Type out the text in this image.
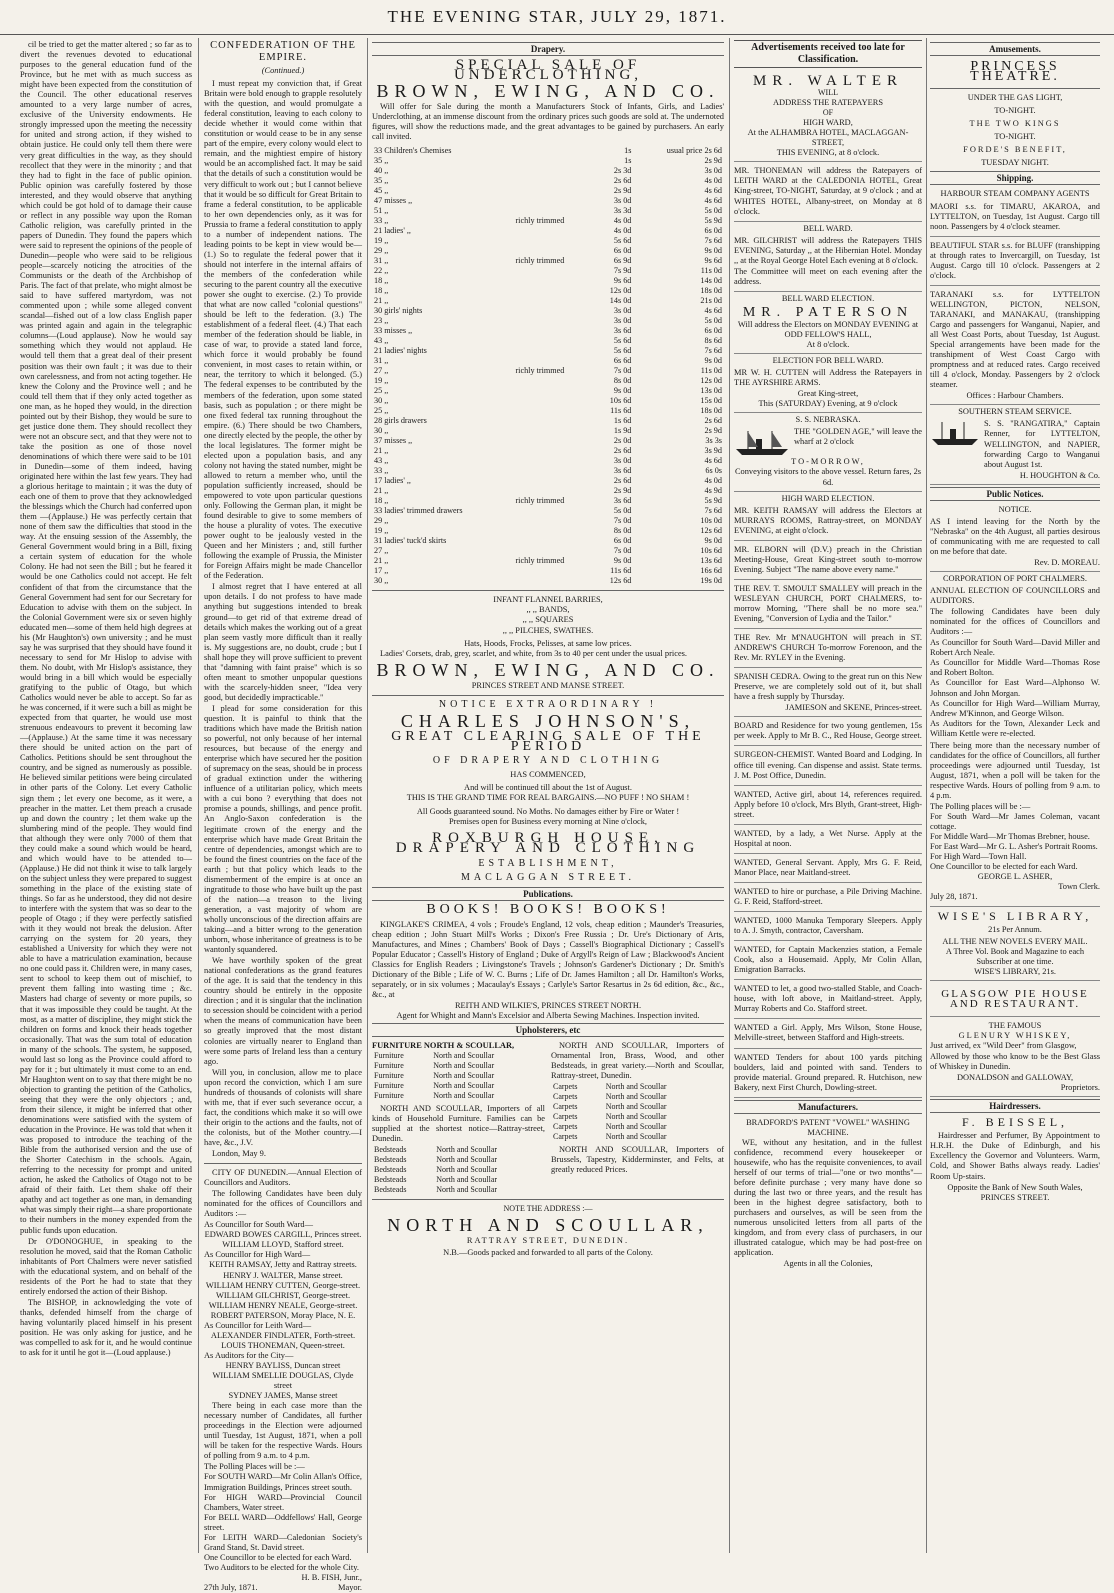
THE EVENING STAR, JULY 29, 1871.

cil be tried to get the matter altered ; so far as to divert the revenues devoted to educational purposes to the general education fund of the Province, but he met with as much success as might have been expected from the constitution of the Council. The other educational reserves amounted to a very large number of acres, exclusive of the University endowments. He strongly impressed upon the meeting the necessity for united and strong action, if they wished to obtain justice. He could only tell them there were very great difficulties in the way, as they should recollect that they were in the minority ; and that they had to fight in the face of public opinion. Public opinion was carefully fostered by those interested, and they would observe that anything which could be got hold of to damage their cause or reflect in any possible way upon the Roman Catholic religion, was carefully printed in the papers of Dunedin. They found the papers which were said to represent the opinions of the people of Dunedin—people who were said to be religious people—scarcely noticing the atrocities of the Communists or the death of the Archbishop of Paris. The fact of that prelate, who might almost be said to have suffered martyrdom, was not commented upon ; while some alleged convent scandal—fished out of a low class English paper was printed again and again in the telegraphic columns—(Loud applause). Now he would say something which they would not applaud. He would tell them that a great deal of their present position was their own fault ; it was due to their own carelessness, and from not acting together. He knew the Colony and the Province well ; and he could tell them that if they only acted together as one man, as he hoped they would, in the direction pointed out by their Bishop, they would be sure to get justice done them. They should recollect they were not an obscure sect, and that they were not to take the position as one of those novel denominations of which there were said to be 101 in Dunedin—some of them indeed, having originated here within the last few years. They had a glorious heritage to maintain ; it was the duty of each one of them to prove that they acknowledged the blessings which the Church had conferred upon them —(Applause.) He was perfectly certain that none of them saw the difficulties that stood in the way. At the ensuing session of the Assembly, the General Government would bring in a Bill, fixing a certain system of education for the whole Colony. He had not seen the Bill ; but he feared it would be one Catholics could not accept. He felt confident of that from the circumstance that the General Government had sent for our Secretary for Education to advise with them on the subject. In the Colonial Government were six or seven highly educated men—some of them held high degrees at his (Mr Haughton's) own university ; and he must say he was surprised that they should have found it necessary to send for Mr Hislop to advise with them. No doubt, with Mr Hislop's assistance, they would bring in a bill which would be especially gratifying to the public of Otago, but which Catholics would never be able to accept. So far as he was concerned, if it were such a bill as might be expected from that quarter, he would use most strenuous endeavours to prevent it becoming law—(Applause.) At the same time it was necessary there should be united action on the part of Catholics. Petitions should be sent throughout the country, and be signed as numerously as possible. He believed similar petitions were being circulated in other parts of the Colony. Let every Catholic sign them ; let every one become, as it were, a preacher in the matter. Let them preach a crusade up and down the country ; let them wake up the slumbering mind of the people. They would find that although they were only 7000 of them that they could make a sound which would be heard, and which would have to be attended to—(Applause.) He did not think it wise to talk largely on the subject unless they were prepared to suggest something in the place of the existing state of things. So far as he understood, they did not desire to interfere with the system that was so dear to the people of Otago ; if they were perfectly satisfied with it they would not break the delusion. After carrying on the system for 20 years, they established a University for which they were not able to have a matriculation examination, because no one could pass it. Children were, in many cases, sent to school to keep them out of mischief, to prevent them falling into wasting time ; &c. Masters had charge of seventy or more pupils, so that it was impossible they could be taught. At the most, as a matter of discipline, they might stick the children on forms and knock their heads together occasionally. That was the sum total of education in many of the schools. The system, he supposed, would last so long as the Province could afford to pay for it ; but ultimately it must come to an end. Mr Haughton went on to say that there might be no objection to granting the petition of the Catholics, seeing that they were the only objectors ; and, from their silence, it might be inferred that other denominations were satisfied with the system of education in the Province. He was told that when it was proposed to introduce the teaching of the Bible from the authorised version and the use of the Shorter Catechism in the schools. Again, referring to the necessity for prompt and united action, he asked the Catholics of Otago not to be afraid of their faith. Let them shake off their apathy and act together as one man, in demanding what was simply their right—a share proportionate to their numbers in the money expended from the public funds upon education.

Dr O'DONOGHUE, in speaking to the resolution he moved, said that the Roman Catholic inhabitants of Port Chalmers were never satisfied with the educational system, and on behalf of the residents of the Port he had to state that they entirely endorsed the action of their Bishop.

The BISHOP, in acknowledging the vote of thanks, defended himself from the charge of having voluntarily placed himself in his present position. He was only asking for justice, and he was compelled to ask for it, and he would continue to ask for it until he got it—(Loud applause.)

CONFEDERATION OF THE EMPIRE.
(Continued.)

I must repeat my conviction that, if Great Britain were bold enough to grapple resolutely with the question, and would promulgate a federal constitution, leaving to each colony to decide whether it would come within that constitution or would cease to be in any sense part of the empire, every colony would elect to remain, and the mightiest empire of history would be an accomplished fact. It may be said that the details of such a constitution would be very difficult to work out ; but I cannot believe that it would be so difficult for Great Britain to frame a federal constitution, to be applicable to her own dependencies only, as it was for Prussia to frame a federal constitution to apply to a number of independent nations. The leading points to be kept in view would be—(1.) So to regulate the federal power that it should not interfere in the internal affairs of the members of the confederation while securing to the parent country all the executive power she ought to exercise. (2.) To provide that what are now called "colonial questions" should be left to the federation. (3.) The establishment of a federal fleet. (4.) That each member of the federation should be liable, in case of war, to provide a stated land force, which force it would probably be found convenient, in most cases to retain within, or near, the territory to which it belonged. (5.) The federal expenses to be contributed by the members of the federation, upon some stated basis, such as population ; or there might be one fixed federal tax running throughout the empire. (6.) There should be two Chambers, one directly elected by the people, the other by the local legislatures. The former might be elected upon a population basis, and any colony not having the stated number, might be allowed to return a member who, until the population sufficiently increased, should be empowered to vote upon particular questions only. Following the German plan, it might be found desirable to give to some members of the house a plurality of votes. The executive power ought to be jealously vested in the Queen and her Ministers ; and, still further following the example of Prussia, the Minister for Foreign Affairs might be made Chancellor of the Federation.

I almost regret that I have entered at all upon details. I do not profess to have made anything but suggestions intended to break ground—to get rid of that extreme dread of details which makes the working out of a great plan seem vastly more difficult than it really is. My suggestions are, no doubt, crude ; but I shall hope they will prove sufficient to prevent that "damning with faint praise" which is so often meant to smother unpopular questions with the scarcely-hidden sneer, "Idea very good, but decidedly impracticable."

I plead for some consideration for this question. It is painful to think that the traditions which have made the British nation so powerful, not only because of her internal resources, but because of the energy and enterprise which have secured her the position of supremacy on the seas, should be in process of gradual extinction under the withering influence of a utilitarian policy, which meets with a cui bono ? everything that does not promise a pounds, shillings, and pence profit. An Anglo-Saxon confederation is the legitimate crown of the energy and the enterprise which have made Great Britain the centre of dependencies, amongst which are to be found the finest countries on the face of the earth ; but that policy which leads to the dismemberment of the empire is at once an ingratitude to those who have built up the past of the nation—a treason to the living generation, a vast majority of whom are wholly unconscious of the direction affairs are taking—and a bitter wrong to the generation unborn, whose inheritance of greatness is to be wantonly squandered.

We have worthily spoken of the great national confederations as the grand features of the age. It is said that the tendency in this country should be entirely in the opposite direction ; and it is singular that the inclination to secession should be coincident with a period when the means of communication have been so greatly improved that the most distant colonies are virtually nearer to England than were some parts of Ireland less than a century ago.

Will you, in conclusion, allow me to place upon record the conviction, which I am sure hundreds of thousands of colonists will share with me, that if ever such severance occur, a fact, the conditions which make it so will owe their origin to the actions and the faults, not of the colonists, but of the Mother country.—I have, &c., J.V.

London, May 9.

CITY OF DUNEDIN.—Annual Election of Councillors and Auditors.

The following Candidates have been duly nominated for the offices of Councillors and Auditors :—

As Councillor for South Ward—
EDWARD BOWES CARGILL, Princes street.
WILLIAM LLOYD, Stafford street.
As Councillor for High Ward—
KEITH RAMSAY, Jetty and Rattray streets.
HENRY J. WALTER, Manse street.
WILLIAM HENRY CUTTEN, George-street.
WILLIAM GILCHRIST, George-street.
WILLIAM HENRY NEALE, George-street.
ROBERT PATERSON, Moray Place, N. E.
As Councillor for Leith Ward—
ALEXANDER FINDLATER, Forth-street.
LOUIS THONEMAN, Queen-street.
As Auditors for the City—
HENRY BAYLISS, Duncan street
WILLIAM SMELLIE DOUGLAS, Clyde street
SYDNEY JAMES, Manse street

There being in each case more than the necessary number of Candidates, all further proceedings in the Election were adjourned until Tuesday, 1st August, 1871, when a poll will be taken for the respective Wards. Hours of polling from 9 a.m. to 4 p.m.

The Polling Places will be :—
For SOUTH WARD—Mr Colin Allan's Office, Immigration Buildings, Princes street south.
For HIGH WARD—Provincial Council Chambers, Water street.
For BELL WARD—Oddfellows' Hall, George street.
For LEITH WARD—Caledonian Society's Grand Stand, St. David street.
One Councillor to be elected for each Ward.
Two Auditors to be elected for the whole City.
H. B. FISH, Junr.,
27th July, 1871.	Mayor.
Drapery.
SPECIAL SALE OF UNDERCLOTHING,
BROWN, EWING, AND CO.

Will offer for Sale during the month a Manufacturers Stock of Infants, Girls, and Ladies' Underclothing, at an immense discount from the ordinary prices such goods are sold at. The undernoted figures, will show the reductions made, and the great advantages to be gained by purchasers. An early call invited.

33 Children's Chemises		1s	usual price 2s 6d
35 ,,		1s	2s 9d
40 ,,		2s 3d	3s 0d
35 ,,		2s 6d	4s 0d
45 ,,		2s 9d	4s 6d
47 misses ,,		3s 0d	4s 6d
51 ,,		3s 3d	5s 0d
33 ,,	richly trimmed	4s 0d	5s 9d
21 ladies' ,,		4s 0d	6s 0d
19 ,,		5s 6d	7s 6d
29 ,,		6s 0d	9s 0d
31 ,,	richly trimmed	6s 9d	9s 6d
22 ,,		7s 9d	11s 0d
18 ,,		9s 6d	14s 0d
18 ,,		12s 0d	18s 0d
21 ,,		14s 0d	21s 0d
30 girls' nights		3s 0d	4s 6d
23 ,,		3s 0d	5s 0d
33 misses ,,		3s 6d	6s 0d
43 ,,		5s 6d	8s 6d
21 ladies' nights		5s 6d	7s 6d
31 ,,		6s 6d	9s 0d
27 ,,	richly trimmed	7s 0d	11s 0d
19 ,,		8s 0d	12s 0d
25 ,,		9s 0d	13s 0d
30 ,,		10s 6d	15s 0d
25 ,,		11s 6d	18s 0d
28 girls drawers		1s 6d	2s 6d
30 ,,		1s 9d	2s 9d
37 misses ,,		2s 0d	3s 3s
21 ,,		2s 6d	3s 9d
43 ,,		3s 0d	4s 6d
33 ,,		3s 6d	6s 0s
17 ladies' ,,		2s 6d	4s 0d
21 ,,		2s 9d	4s 9d
18 ,,	richly trimmed	3s 6d	5s 9d
33 ladies' trimmed drawers		5s 0d	7s 6d
29 ,,		7s 0d	10s 0d
19 ,,		8s 0d	12s 6d
31 ladies' tuck'd skirts		6s 0d	9s 0d
27 ,,		7s 0d	10s 6d
21 ,,	richly trimmed	9s 0d	13s 6d
17 ,,		11s 6d	16s 6d
30 ,,		12s 6d	19s 0d
INFANT FLANNEL BARRIES,
,, ,, BANDS,
,, ,, SQUARES
,, ,, PILCHES, SWATHES.
Hats, Hoods, Frocks, Pelisses, at same low prices.

Ladies' Corsets, drab, grey, scarlet, and white, from 3s to 40 per cent under the usual prices.

BROWN, EWING, AND CO.
PRINCES STREET AND MANSE STREET.
NOTICE EXTRAORDINARY !
CHARLES JOHNSON'S,
GREAT CLEARING SALE OF THE PERIOD
OF DRAPERY AND CLOTHING
HAS COMMENCED,
And will be continued till about the 1st of August.
THIS IS THE GRAND TIME FOR REAL BARGAINS.—NO PUFF ! NO SHAM !
All Goods guaranteed sound. No Moths. No damages either by Fire or Water !
Premises open for Business every morning at Nine o'clock,
ROXBURGH HOUSE, DRAPERY AND CLOTHING
ESTABLISHMENT,
MACLAGGAN STREET.
Publications.
BOOKS! BOOKS! BOOKS!

KINGLAKE'S CRIMEA, 4 vols ; Froude's England, 12 vols, cheap edition ; Maunder's Treasuries, cheap edition ; John Stuart Mill's Works ; Dixon's Free Russia ; Dr. Ure's Dictionary of Arts, Manufactures, and Mines ; Chambers' Book of Days ; Cassell's Biographical Dictionary ; Cassell's Popular Educator ; Cassell's History of England ; Duke of Argyll's Reign of Law ; Blackwood's Ancient Classics for English Readers ; Livingstone's Travels ; Johnson's Gardener's Dictionary ; Dr. Smith's Dictionary of the Bible ; Life of W. C. Burns ; Life of Dr. James Hamilton ; all Dr. Hamilton's Works, separately, or in six volumes ; Macaulay's Essays ; Carlyle's Sartor Resartus in 2s 6d edition, &c., &c., &c., at

REITH AND WILKIE'S, PRINCES STREET NORTH.
Agent for Whight and Mann's Excelsior and Alberta Sewing Machines. Inspection invited.
Upholsterers, etc
FURNITURE NORTH & SCOULLAR,
Furniture	North and Scoullar
Furniture	North and Scoullar
Furniture	North and Scoullar
Furniture	North and Scoullar
Furniture	North and Scoullar

NORTH AND SCOULLAR, Importers of all kinds of Household Furniture. Families can be supplied at the shortest notice—Rattray-street, Dunedin.

Bedsteads	North and Scoullar
Bedsteads	North and Scoullar
Bedsteads	North and Scoullar
Bedsteads	North and Scoullar
Bedsteads	North and Scoullar

NORTH AND SCOULLAR, Importers of Ornamental Iron, Brass, Wood, and other Bedsteads, in great variety.—North and Scoullar, Rattray-street, Dunedin.

Carpets	North and Scoullar
Carpets	North and Scoullar
Carpets	North and Scoullar
Carpets	North and Scoullar
Carpets	North and Scoullar
Carpets	North and Scoullar

NORTH AND SCOULLAR, Importers of Brussels, Tapestry, Kidderminster, and Felts, at greatly reduced Prices.

NOTE THE ADDRESS :—
NORTH AND SCOULLAR,
RATTRAY STREET, DUNEDIN.
N.B.—Goods packed and forwarded to all parts of the Colony.
Advertisements received too late for Classification.
MR. WALTER
WILL
ADDRESS THE RATEPAYERS
OF
HIGH WARD,
At the ALHAMBRA HOTEL, MACLAGGAN-STREET,
THIS EVENING, at 8 o'clock.

MR. THONEMAN will address the Ratepayers of LEITH WARD at the CALEDONIA HOTEL, Great King-street, TO-NIGHT, Saturday, at 9 o'clock ; and at WHITES HOTEL, Albany-street, on Monday at 8 o'clock.

BELL WARD.

MR. GILCHRIST will address the Ratepayers THIS EVENING, Saturday ,, at the Hibernian Hotel. Monday ,, at the Royal George Hotel Each evening at 8 o'clock.

The Committee will meet on each evening after the address.

BELL WARD ELECTION.
MR. PATERSON
Will address the Electors on MONDAY EVENING at ODD FELLOW'S HALL,
At 8 o'clock.
ELECTION FOR BELL WARD.

MR W. H. CUTTEN will Address the Ratepayers in THE AYRSHIRE ARMS.

Great King-street,
This (SATURDAY) Evening, at 9 o'clock
S. S. NEBRASKA.

THE "GOLDEN AGE," will leave the wharf at 2 o'clock

TO-MORROW,
Conveying visitors to the above vessel. Return fares, 2s 6d.
HIGH WARD ELECTION.

MR. KEITH RAMSAY will address the Electors at MURRAYS ROOMS, Rattray-street, on MONDAY EVENING, at eight o'clock.

MR. ELBORN will (D.V.) preach in the Christian Meeting-House, Great King-street south to-morrow Evening. Subject "The name above every name."

THE REV. T. SMOULT SMALLEY will preach in the WESLEYAN CHURCH, PORT CHALMERS, to-morrow Morning, "There shall be no more sea." Evening, "Conversion of Lydia and the Tailor."

THE Rev. Mr M'NAUGHTON will preach in ST. ANDREW'S CHURCH To-morrow Forenoon, and the Rev. Mr. RYLEY in the Evening.

SPANISH CEDRA. Owing to the great run on this New Preserve, we are completely sold out of it, but shall have a fresh supply by Thursday.

JAMIESON and SKENE, Princes-street.

BOARD and Residence for two young gentlemen, 15s per week. Apply to Mr B. C., Red House, George street.

SURGEON-CHEMIST. Wanted Board and Lodging. In office till evening. Can dispense and assist. State terms. J. M. Post Office, Dunedin.

WANTED, Active girl, about 14, references required. Apply before 10 o'clock, Mrs Blyth, Grant-street, High-street.

WANTED, by a lady, a Wet Nurse. Apply at the Hospital at noon.

WANTED, General Servant. Apply, Mrs G. F. Reid, Manor Place, near Maitland-street.

WANTED to hire or purchase, a Pile Driving Machine. G. F. Reid, Stafford-street.

WANTED, 1000 Manuka Temporary Sleepers. Apply to A. J. Smyth, contractor, Caversham.

WANTED, for Captain Mackenzies station, a Female Cook, also a Housemaid. Apply, Mr Colin Allan, Emigration Barracks.

WANTED to let, a good two-stalled Stable, and Coach-house, with loft above, in Maitland-street. Apply, Murray Roberts and Co. Stafford street.

WANTED a Girl. Apply, Mrs Wilson, Stone House, Melville-street, between Stafford and High-streets.

WANTED Tenders for about 100 yards pitching boulders, laid and pointed with sand. Tenders to provide material. Ground prepared. R. Hutchison, new Bakery, next First Church, Dowling-street.

Manufacturers.
BRADFORD'S PATENT "VOWEL" WASHING MACHINE.

WE, without any hesitation, and in the fullest confidence, recommend every housekeeper or housewife, who has the requisite conveniences, to avail herself of our terms of trial—"one or two months"—before definite purchase ; very many have done so during the last two or three years, and the result has been in the highest degree satisfactory, both to purchasers and ourselves, as will be seen from the numerous unsolicited letters from all parts of the kingdom, and from every class of purchasers, in our illustrated catalogue, which may be had post-free on application.

Agents in all the Colonies,
Amusements.
PRINCESS THEATRE.
UNDER THE GAS LIGHT,
TO-NIGHT.
THE TWO KINGS
TO-NIGHT.
FORDE'S BENEFIT,
TUESDAY NIGHT.
Shipping.
HARBOUR STEAM COMPANY AGENTS

MAORI s.s. for TIMARU, AKAROA, and LYTTELTON, on Tuesday, 1st August. Cargo till noon. Passengers by 4 o'clock steamer.

BEAUTIFUL STAR s.s. for BLUFF (transhipping at through rates to Invercargill, on Tuesday, 1st August. Cargo till 10 o'clock. Passengers at 2 o'clock.

TARANAKI s.s. for LYTTELTON WELLINGTON, PICTON, NELSON, TARANAKI, and MANAKAU, (transhipping Cargo and passengers for Wanganui, Napier, and all West Coast Ports, about Tuesday, 1st August. Special arrangements have been made for the transhipment of West Coast Cargo with promptness and at reduced rates. Cargo received till 4 o'clock, Monday. Passengers by 2 o'clock steamer.

Offices : Harbour Chambers.
SOUTHERN STEAM SERVICE.

S. S. "RANGATIRA," Captain Renner, for LYTTELTON, WELLINGTON, and NAPIER, forwarding Cargo to Wanganui about August 1st.

H. HOUGHTON & Co.
Public Notices.
NOTICE.

AS I intend leaving for the North by the "Nebraska" on the 4th August, all parties desirous of communicating with me are requested to call on me before that date.

Rev. D. MOREAU.
CORPORATION OF PORT CHALMERS.

ANNUAL ELECTION OF COUNCILLORS and AUDITORS.

The following Candidates have been duly nominated for the offices of Councillors and Auditors :—

As Councillor for South Ward—David Miller and Robert Arch Neale.
As Councillor for Middle Ward—Thomas Rose and Robert Bolton.
As Councillor for East Ward—Alphonso W. Johnson and John Morgan.
As Councillor for High Ward—William Murray, Andrew M'Kinnon, and George Wilson.
As Auditors for the Town, Alexander Leck and William Kettle were re-elected.

There being more than the necessary number of candidates for the office of Councillors, all further proceedings were adjourned until Tuesday, 1st August, 1871, when a poll will be taken for the respective Wards. Hours of polling from 9 a.m. to 4 p.m.

The Polling places will be :—
For South Ward—Mr James Coleman, vacant cottage.
For Middle Ward—Mr Thomas Brebner, house.
For East Ward—Mr G. L. Asher's Portrait Rooms.
For High Ward—Town Hall.
One Councillor to be elected for each Ward.
GEORGE L. ASHER,
Town Clerk.
July 28, 1871.
WISE'S LIBRARY,
21s Per Annum.
ALL THE NEW NOVELS EVERY MAIL.
A Three Vol. Book and Magazine to each Subscriber at one time.
WISE'S LIBRARY, 21s.
GLASGOW PIE HOUSE AND RESTAURANT.
THE FAMOUS
GLENURY WHISKEY,

Just arrived, ex "Wild Deer" from Glasgow,

Allowed by those who know to be the Best Glass of Whiskey in Dunedin.

DONALDSON and GALLOWAY,
Proprietors.
Hairdressers.
F. BEISSEL,

Hairdresser and Perfumer, By Appointment to H.R.H. the Duke of Edinburgh, and his Excellency the Governor and Volunteers. Warm, Cold, and Shower Baths always ready. Ladies' Room Up-stairs.

Opposite the Bank of New South Wales,
PRINCES STREET.
